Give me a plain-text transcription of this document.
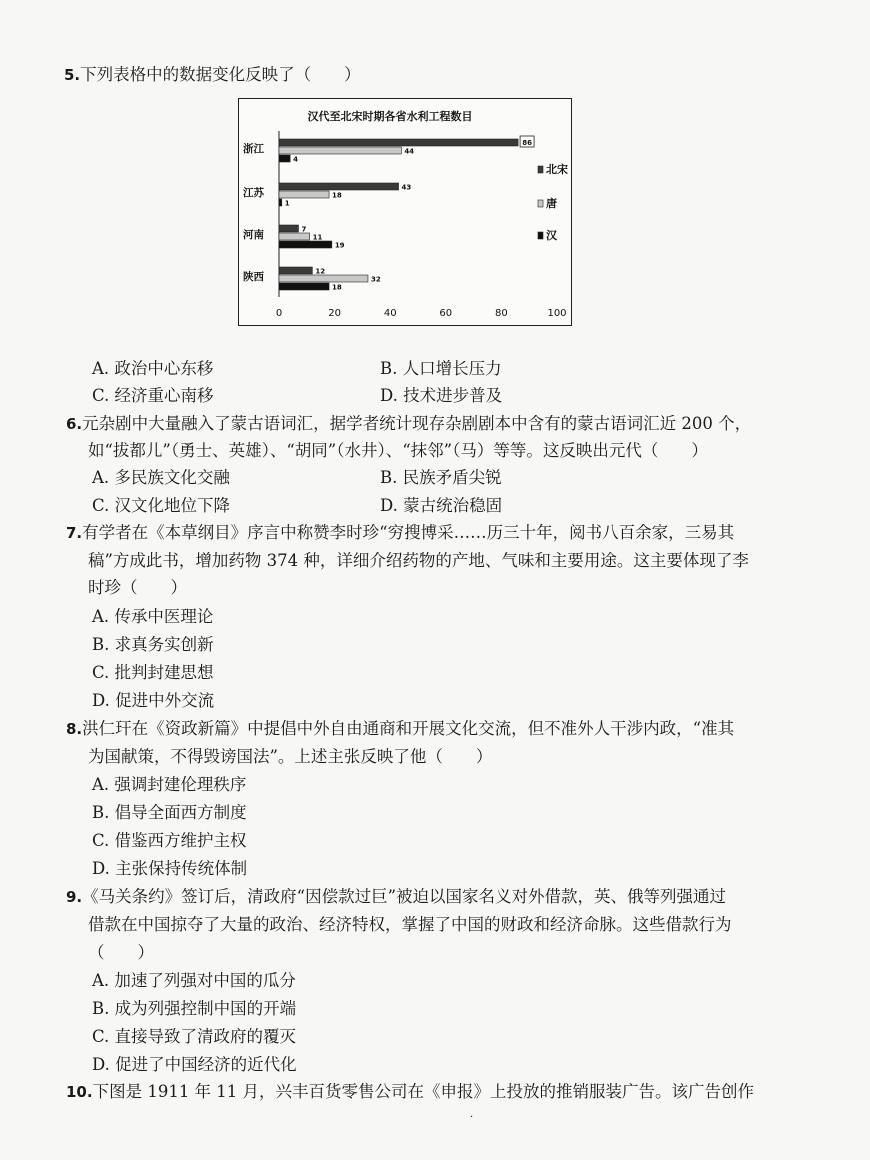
5.下列表格中的数据变化反映了（　　）
汉代至北宋时期各省水利工程数目
0	20	40	60	80	100
浙江	86
44
4
江苏	43
18
1
河南	7
11
19
陕西	12
32
18
北宋
唐
汉
A. 政治中心东移	B. 人口增长压力
C. 经济重心南移	D. 技术进步普及
6.元杂剧中大量融入了蒙古语词汇，据学者统计现存杂剧剧本中含有的蒙古语词汇近 200 个，
如“拔都儿”（勇士、英雄）、“胡同”（水井）、“抹邻”（马）等等。这反映出元代（　　）
A. 多民族文化交融	B. 民族矛盾尖锐
C. 汉文化地位下降	D. 蒙古统治稳固
7.有学者在《本草纲目》序言中称赞李时珍“穷搜博采……历三十年，阅书八百余家，三易其
稿”方成此书，增加药物 374 种，详细介绍药物的产地、气味和主要用途。这主要体现了李
时珍（　　）
A. 传承中医理论
B. 求真务实创新
C. 批判封建思想
D. 促进中外交流
8.洪仁玕在《资政新篇》中提倡中外自由通商和开展文化交流，但不准外人干涉内政，“准其
为国献策，不得毁谤国法”。上述主张反映了他（　　）
A. 强调封建伦理秩序
B. 倡导全面西方制度
C. 借鉴西方维护主权
D. 主张保持传统体制
9.《马关条约》签订后，清政府“因偿款过巨”被迫以国家名义对外借款，英、俄等列强通过
借款在中国掠夺了大量的政治、经济特权，掌握了中国的财政和经济命脉。这些借款行为
（　　）
A. 加速了列强对中国的瓜分
B. 成为列强控制中国的开端
C. 直接导致了清政府的覆灭
D. 促进了中国经济的近代化
10.下图是 1911 年 11 月，兴丰百货零售公司在《申报》上投放的推销服装广告。该广告创作
·
